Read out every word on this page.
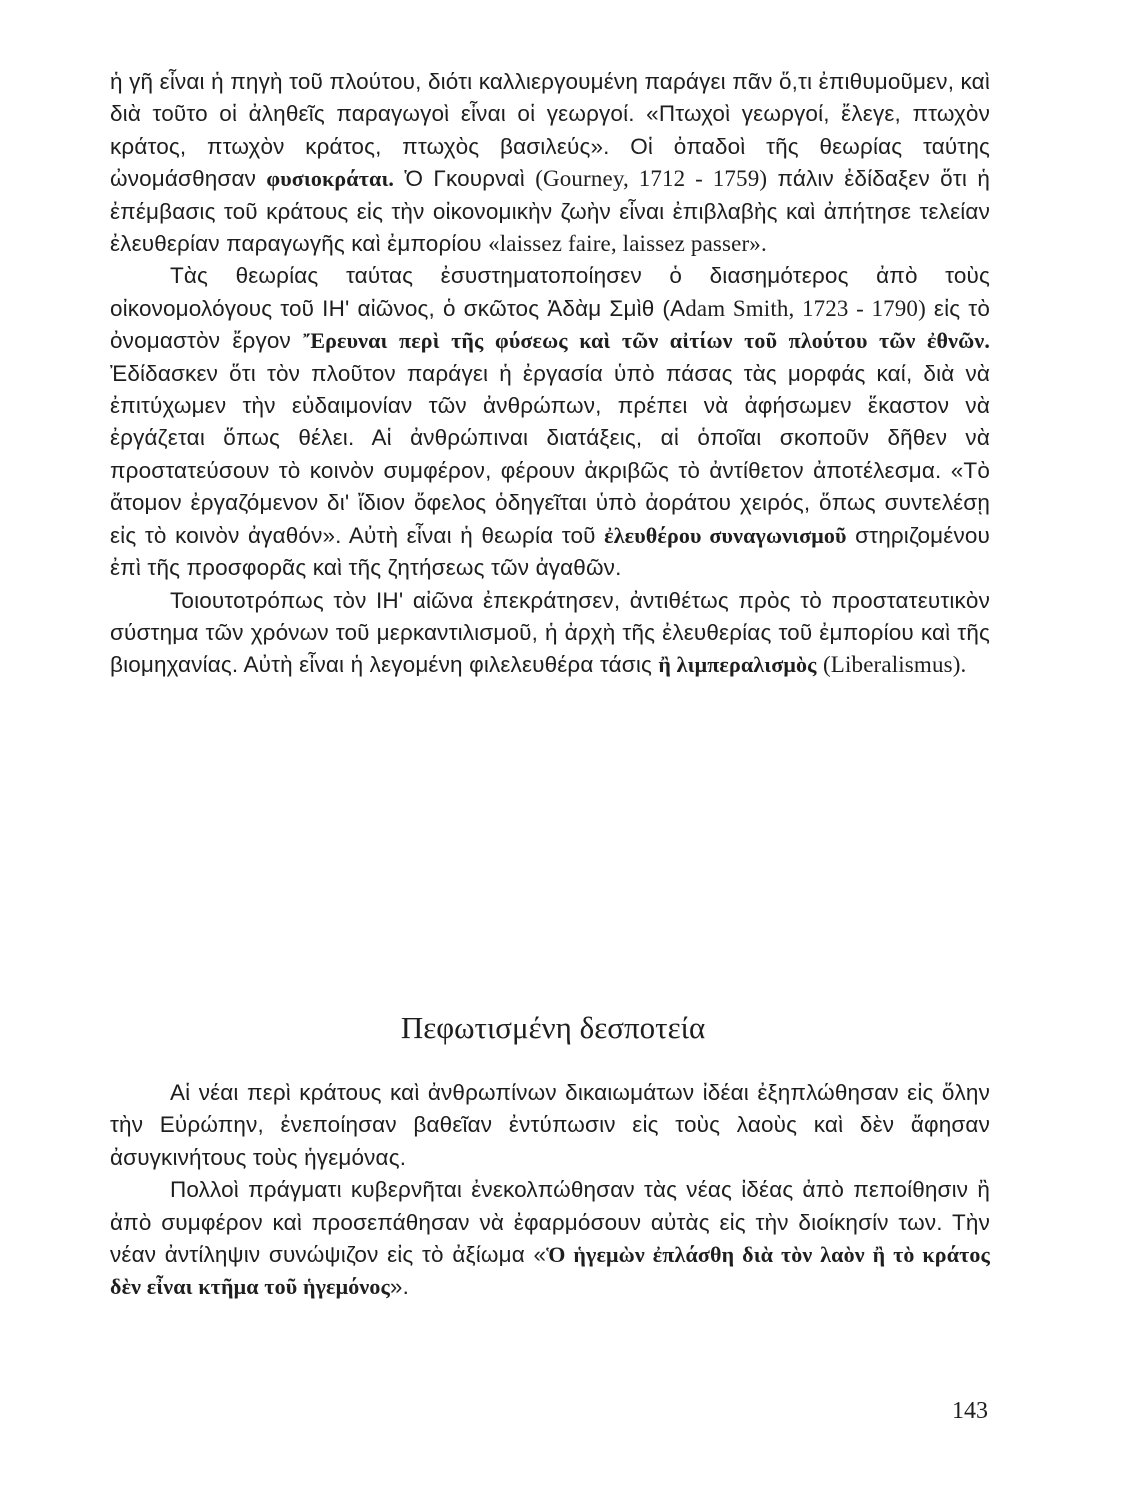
ἡ γῆ εἶναι ἡ πηγὴ τοῦ πλούτου, διότι καλλιεργουμένη παράγει πᾶν ὅ,τι ἐπιθυμοῦμεν, καὶ διὰ τοῦτο οἱ ἀληθεῖς παραγωγοὶ εἶναι οἱ γεωργοί. «Πτωχοὶ γεωργοί, ἔλεγε, πτωχὸν κράτος, πτωχὸν κράτος, πτωχὸς βασιλεύς». Οἱ ὀπαδοὶ τῆς θεωρίας ταύτης ὠνομάσθησαν φυσιοκράται. Ὁ Γκουρναὶ (Gourney, 1712 - 1759) πάλιν ἐδίδαξεν ὅτι ἡ ἐπέμβασις τοῦ κράτους εἰς τὴν οἰκονομικὴν ζωὴν εἶναι ἐπιβλαβὴς καὶ ἀπήτησε τελείαν ἐλευθερίαν παραγωγῆς καὶ ἐμπορίου «laissez faire, laissez passer».

Τὰς θεωρίας ταύτας ἐσυστηματοποίησεν ὁ διασημότερος ἀπὸ τοὺς οἰκονομολόγους τοῦ ΙΗ' αἰῶνος, ὁ σκῶτος Ἀδὰμ Σμὶθ (Αdam Smith, 1723 - 1790) εἰς τὸ ὀνομαστὸν ἔργον Ἔρευναι περὶ τῆς φύσεως καὶ τῶν αἰτίων τοῦ πλούτου τῶν ἐθνῶν. Ἐδίδασκεν ὅτι τὸν πλοῦτον παράγει ἡ ἐργασία ὑπὸ πάσας τὰς μορφάς καί, διὰ νὰ ἐπιτύχωμεν τὴν εὐδαιμονίαν τῶν ἀνθρώπων, πρέπει νὰ ἀφήσωμεν ἕκαστον νὰ ἐργάζεται ὅπως θέλει. Αἱ ἀνθρώπιναι διατάξεις, αἱ ὁποῖαι σκοποῦν δῆθεν νὰ προστατεύσουν τὸ κοινὸν συμφέρον, φέρουν ἀκριβῶς τὸ ἀντίθετον ἀποτέλεσμα. «Τὸ ἄτομον ἐργαζόμενον δι' ἴδιον ὄφελος ὁδηγεῖται ὑπὸ ἀοράτου χειρός, ὅπως συντελέσῃ εἰς τὸ κοινὸν ἀγαθόν». Αὐτὴ εἶναι ἡ θεωρία τοῦ ἐλευθέρου συναγωνισμοῦ στηριζομένου ἐπὶ τῆς προσφορᾶς καὶ τῆς ζητήσεως τῶν ἀγαθῶν.

Τοιουτοτρόπως τὸν ΙΗ' αἰῶνα ἐπεκράτησεν, ἀντιθέτως πρὸς τὸ προστατευτικὸν σύστημα τῶν χρόνων τοῦ μερκαντιλισμοῦ, ἡ ἀρχὴ τῆς ἐλευθερίας τοῦ ἐμπορίου καὶ τῆς βιομηχανίας. Αὐτὴ εἶναι ἡ λεγομένη φιλελευθέρα τάσις ἢ λιμπεραλισμὸς (Liberalismus).

Πεφωτισμένη δεσποτεία

Αἱ νέαι περὶ κράτους καὶ ἀνθρωπίνων δικαιωμάτων ἰδέαι ἐξηπλώθησαν εἰς ὅλην τὴν Εὐρώπην, ἐνεποίησαν βαθεῖαν ἐντύπωσιν εἰς τοὺς λαοὺς καὶ δὲν ἄφησαν ἀσυγκινήτους τοὺς ἡγεμόνας.

Πολλοὶ πράγματι κυβερνῆται ἐνεκολπώθησαν τὰς νέας ἰδέας ἀπὸ πεποίθησιν ἢ ἀπὸ συμφέρον καὶ προσεπάθησαν νὰ ἐφαρμόσουν αὐτὰς εἰς τὴν διοίκησίν των. Τὴν νέαν ἀντίληψιν συνώψιζον εἰς τὸ ἀξίωμα «Ὁ ἡγεμὼν ἐπλάσθη διὰ τὸν λαὸν ἢ τὸ κράτος δὲν εἶναι κτῆμα τοῦ ἡγεμόνος».

143
